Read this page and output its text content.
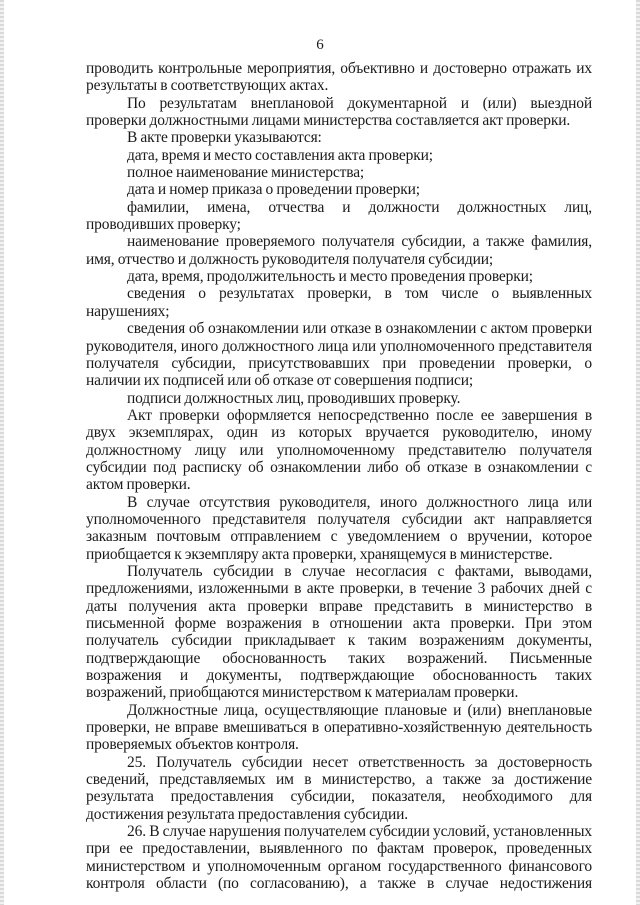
6

проводить контрольные мероприятия, объективно и достоверно отражать их результаты в соответствующих актах.

По результатам внеплановой документарной и (или) выездной проверки должностными лицами министерства составляется акт проверки.

В акте проверки указываются:

дата, время и место составления акта проверки;

полное наименование министерства;

дата и номер приказа о проведении проверки;

фамилии, имена, отчества и должности должностных лиц, проводивших проверку;

наименование проверяемого получателя субсидии, а также фамилия, имя, отчество и должность руководителя получателя субсидии;

дата, время, продолжительность и место проведения проверки;

сведения о результатах проверки, в том числе о выявленных нарушениях;

сведения об ознакомлении или отказе в ознакомлении с актом проверки руководителя, иного должностного лица или уполномоченного представителя получателя субсидии, присутствовавших при проведении проверки, о наличии их подписей или об отказе от совершения подписи;

подписи должностных лиц, проводивших проверку.

Акт проверки оформляется непосредственно после ее завершения в двух экземплярах, один из которых вручается руководителю, иному должностному лицу или уполномоченному представителю получателя субсидии под расписку об ознакомлении либо об отказе в ознакомлении с актом проверки.

В случае отсутствия руководителя, иного должностного лица или уполномоченного представителя получателя субсидии акт направляется заказным почтовым отправлением с уведомлением о вручении, которое приобщается к экземпляру акта проверки, хранящемуся в министерстве.

Получатель субсидии в случае несогласия с фактами, выводами, предложениями, изложенными в акте проверки, в течение 3 рабочих дней с даты получения акта проверки вправе представить в министерство в письменной форме возражения в отношении акта проверки. При этом получатель субсидии прикладывает к таким возражениям документы, подтверждающие обоснованность таких возражений. Письменные возражения и документы, подтверждающие обоснованность таких возражений, приобщаются министерством к материалам проверки.

Должностные лица, осуществляющие плановые и (или) внеплановые проверки, не вправе вмешиваться в оперативно-хозяйственную деятельность проверяемых объектов контроля.

25. Получатель субсидии несет ответственность за достоверность сведений, представляемых им в министерство, а также за достижение результата предоставления субсидии, показателя, необходимого для достижения результата предоставления субсидии.

26. В случае нарушения получателем субсидии условий, установленных при ее предоставлении, выявленного по фактам проверок, проведенных министерством и уполномоченным органом государственного финансового контроля области (по согласованию), а также в случае недостижения
